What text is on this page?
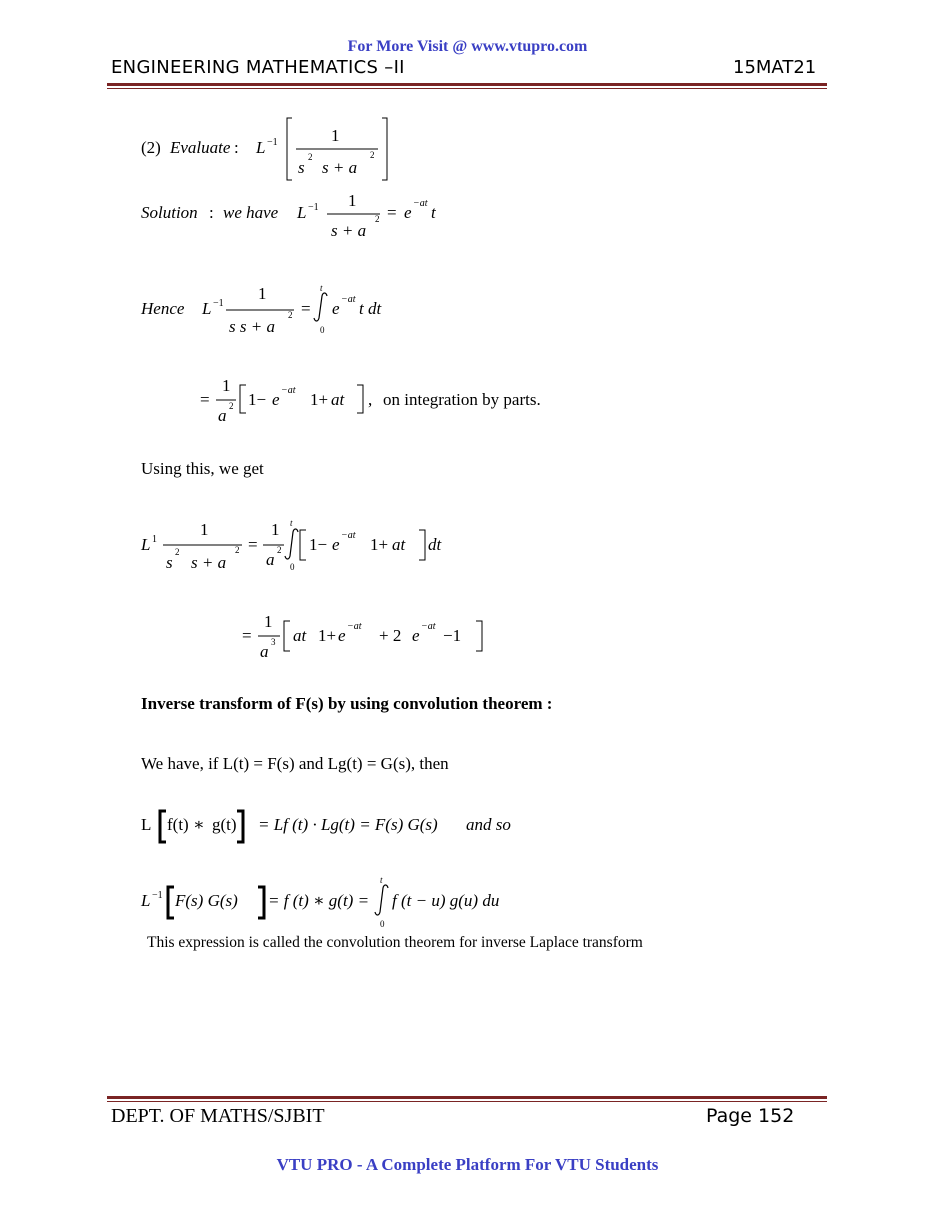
For More Visit @ www.vtupro.com
ENGINEERING MATHEMATICS –II	15MAT21
(2) Evaluate : L −1	1
s
2
s + a
2
Solution : we have L −1 1
s + a
2 = e −at t
Hence L −1
1
s s + a
2 =
t
0
e −at t dt
=
1
a 2 1− e −at 1+ at , on integration by parts.
Using this, we get
L 1
1
s
2
s + a
2 =
1
a 2
t
0
1− e −at 1+ at dt
=
1
a 3 at 1+ e −at + 2 e −at −1
Inverse transform of F(s) by using convolution theorem :
We have, if L(t) = F(s) and Lg(t) = G(s), then
L f(t) ∗ g(t) = Lf (t) · Lg(t) = F(s) G(s) and so
L −1 F(s) G(s) = f (t) ∗ g(t) =
t
0
f (t − u) g(u) du
This expression is called the convolution theorem for inverse Laplace transform
DEPT. OF MATHS/SJBIT	Page 152
VTU PRO - A Complete Platform For VTU Students
